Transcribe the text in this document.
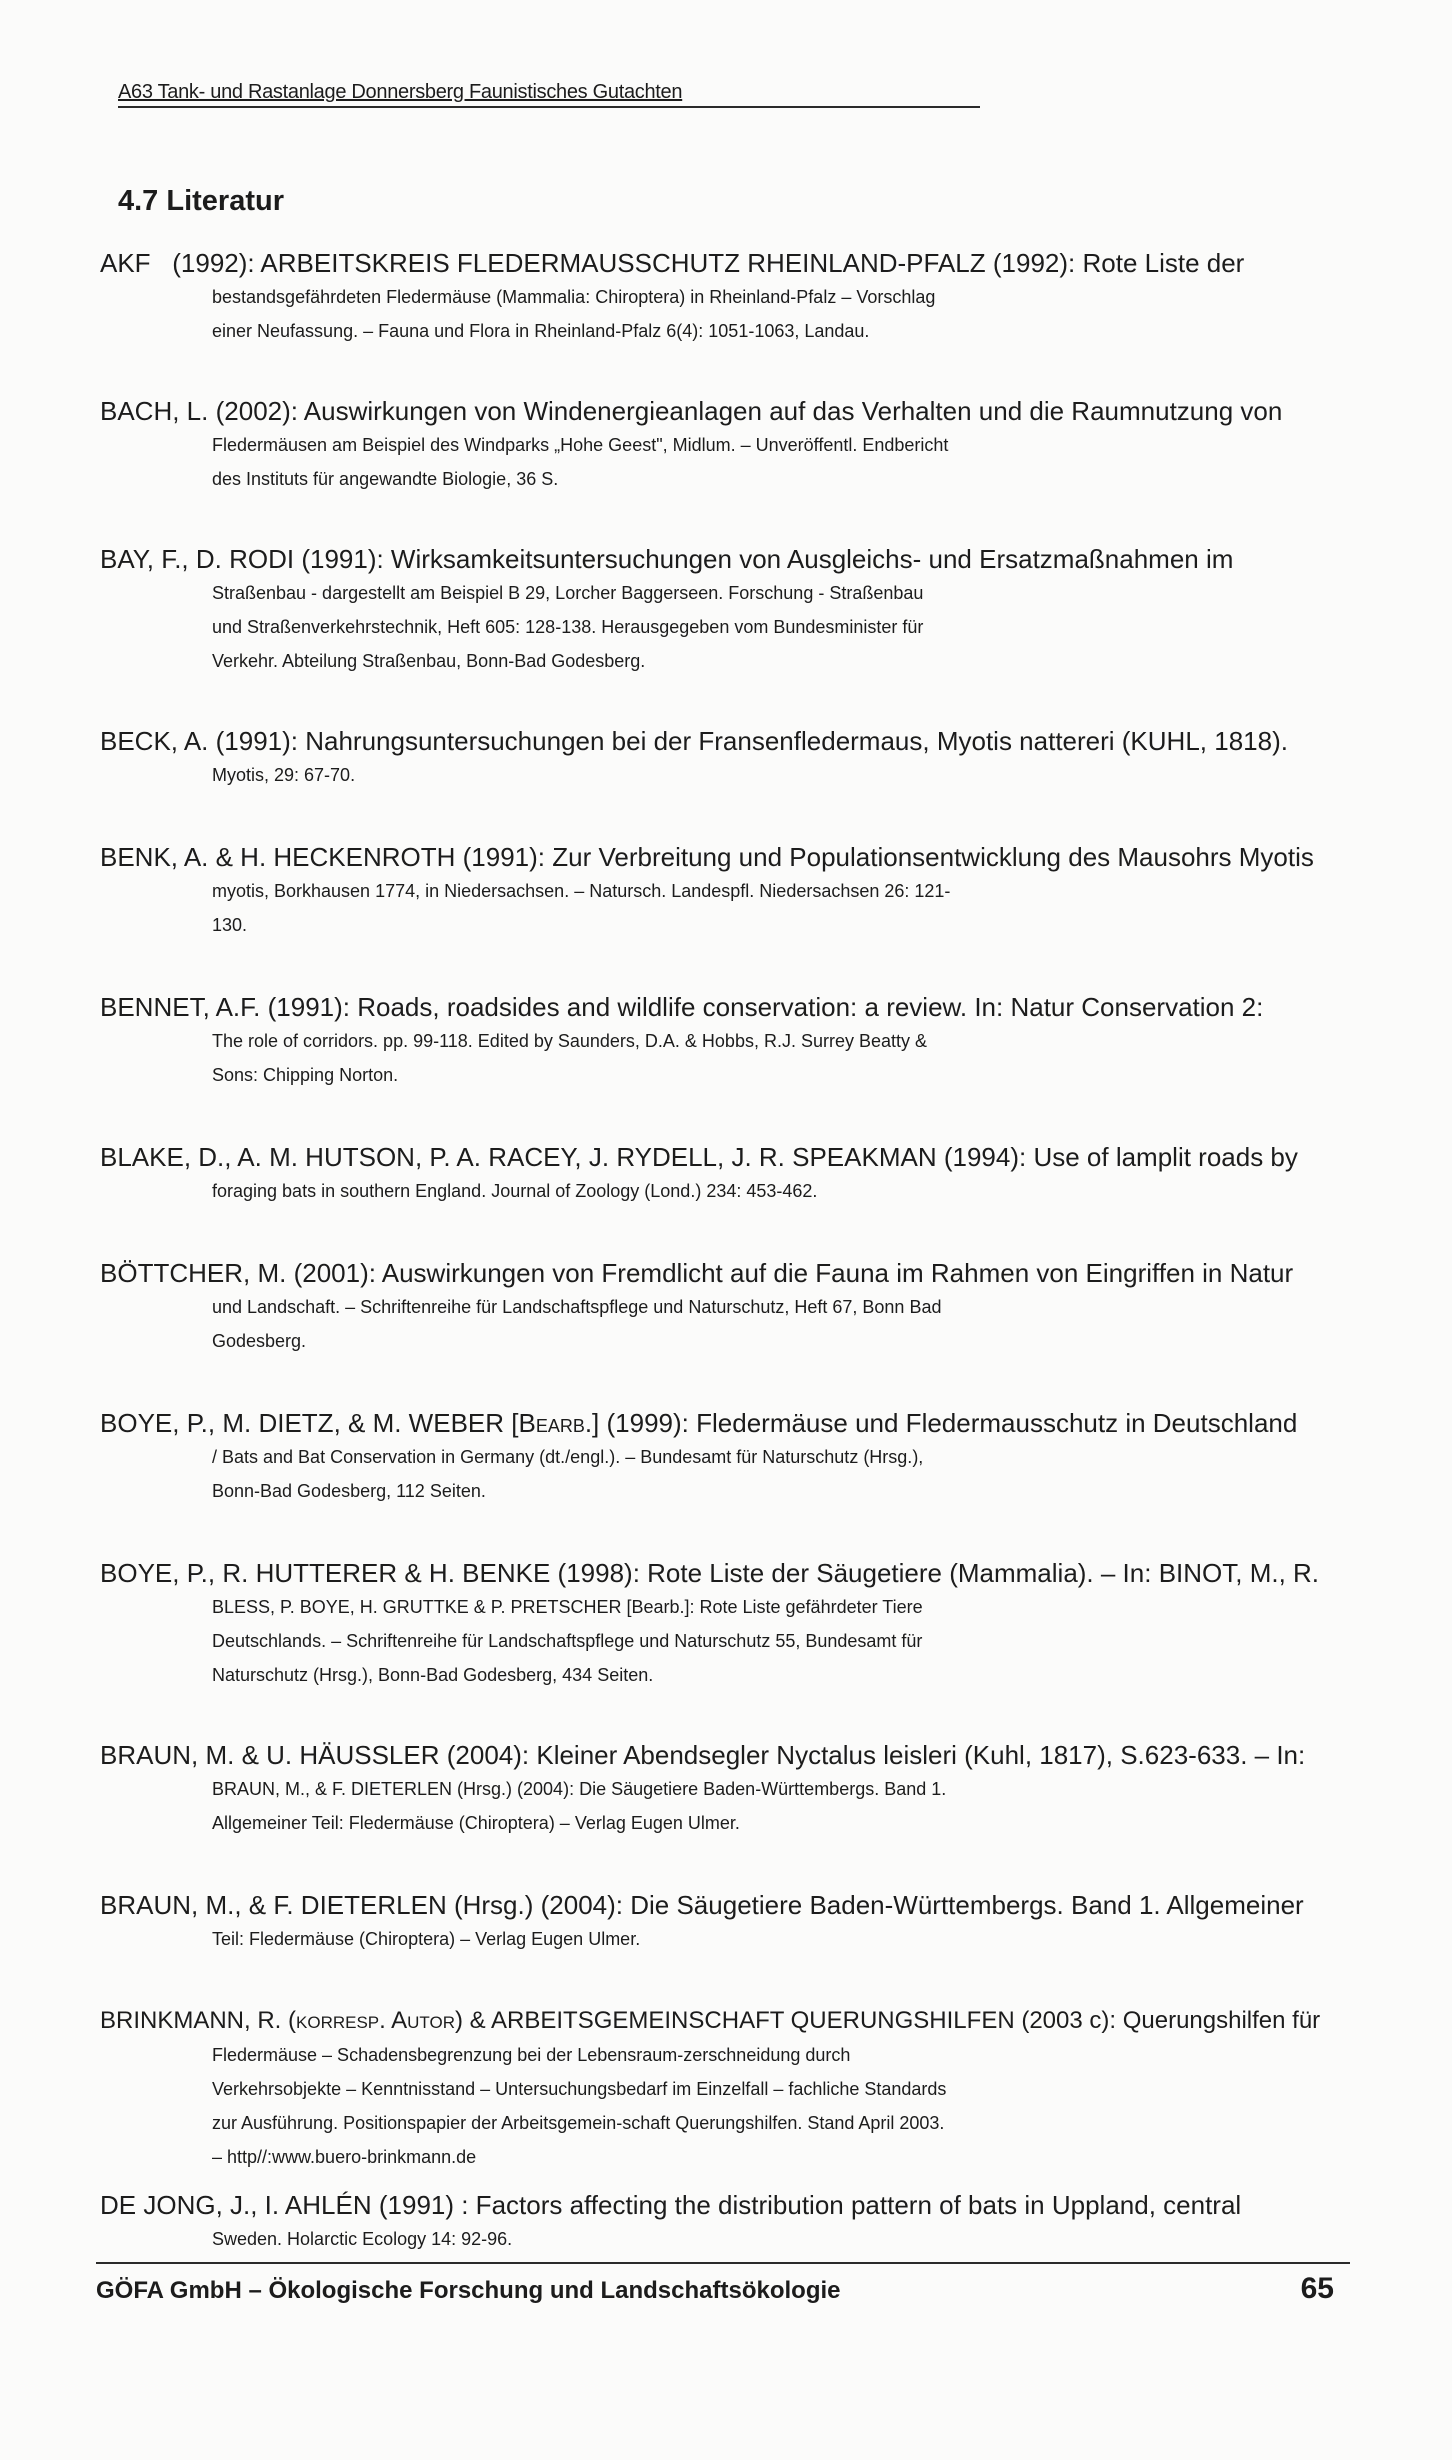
A63 Tank- und Rastanlage Donnersberg Faunistisches Gutachten
4.7 Literatur
AKF (1992): ARBEITSKREIS FLEDERMAUSSCHUTZ RHEINLAND-PFALZ (1992): Rote Liste der
bestandsgefährdeten Fledermäuse (Mammalia: Chiroptera) in Rheinland-Pfalz – Vorschlag
einer Neufassung. – Fauna und Flora in Rheinland-Pfalz 6(4): 1051-1063, Landau.
BACH, L. (2002): Auswirkungen von Windenergieanlagen auf das Verhalten und die Raumnutzung von
Fledermäusen am Beispiel des Windparks „Hohe Geest", Midlum. – Unveröffentl. Endbericht
des Instituts für angewandte Biologie, 36 S.
BAY, F., D. RODI (1991): Wirksamkeitsuntersuchungen von Ausgleichs- und Ersatzmaßnahmen im
Straßenbau - dargestellt am Beispiel B 29, Lorcher Baggerseen. Forschung - Straßenbau
und Straßenverkehrstechnik, Heft 605: 128-138. Herausgegeben vom Bundesminister für
Verkehr. Abteilung Straßenbau, Bonn-Bad Godesberg.
BECK, A. (1991): Nahrungsuntersuchungen bei der Fransenfledermaus, Myotis nattereri (KUHL, 1818).
Myotis, 29: 67-70.
BENK, A. & H. HECKENROTH (1991): Zur Verbreitung und Populationsentwicklung des Mausohrs Myotis
myotis, Borkhausen 1774, in Niedersachsen. – Natursch. Landespfl. Niedersachsen 26: 121-
130.
BENNET, A.F. (1991): Roads, roadsides and wildlife conservation: a review. In: Natur Conservation 2:
The role of corridors. pp. 99-118. Edited by Saunders, D.A. & Hobbs, R.J. Surrey Beatty &
Sons: Chipping Norton.
BLAKE, D., A. M. HUTSON, P. A. RACEY, J. RYDELL, J. R. SPEAKMAN (1994): Use of lamplit roads by
foraging bats in southern England. Journal of Zoology (Lond.) 234: 453-462.
BÖTTCHER, M. (2001): Auswirkungen von Fremdlicht auf die Fauna im Rahmen von Eingriffen in Natur
und Landschaft. – Schriftenreihe für Landschaftspflege und Naturschutz, Heft 67, Bonn Bad
Godesberg.
BOYE, P., M. DIETZ, & M. WEBER [Bearb.] (1999): Fledermäuse und Fledermausschutz in Deutschland
/ Bats and Bat Conservation in Germany (dt./engl.). – Bundesamt für Naturschutz (Hrsg.),
Bonn-Bad Godesberg, 112 Seiten.
BOYE, P., R. HUTTERER & H. BENKE (1998): Rote Liste der Säugetiere (Mammalia). – In: BINOT, M., R.
BLESS, P. BOYE, H. GRUTTKE & P. PRETSCHER [Bearb.]: Rote Liste gefährdeter Tiere
Deutschlands. – Schriftenreihe für Landschaftspflege und Naturschutz 55, Bundesamt für
Naturschutz (Hrsg.), Bonn-Bad Godesberg, 434 Seiten.
BRAUN, M. & U. HÄUSSLER (2004): Kleiner Abendsegler Nyctalus leisleri (Kuhl, 1817), S.623-633. – In:
BRAUN, M., & F. DIETERLEN (Hrsg.) (2004): Die Säugetiere Baden-Württembergs. Band 1.
Allgemeiner Teil: Fledermäuse (Chiroptera) – Verlag Eugen Ulmer.
BRAUN, M., & F. DIETERLEN (Hrsg.) (2004): Die Säugetiere Baden-Württembergs. Band 1. Allgemeiner
Teil: Fledermäuse (Chiroptera) – Verlag Eugen Ulmer.
BRINKMANN, R. (korresp. Autor) & ARBEITSGEMEINSCHAFT QUERUNGSHILFEN (2003 c): Querungshilfen für
Fledermäuse – Schadensbegrenzung bei der Lebensraum-zerschneidung durch
Verkehrsobjekte – Kenntnisstand – Untersuchungsbedarf im Einzelfall – fachliche Standards
zur Ausführung. Positionspapier der Arbeitsgemein-schaft Querungshilfen. Stand April 2003.
– http//:www.buero-brinkmann.de
DE JONG, J., I. AHLÉN (1991) : Factors affecting the distribution pattern of bats in Uppland, central
Sweden. Holarctic Ecology 14: 92-96.
GÖFA GmbH – Ökologische Forschung und Landschaftsökologie	65
